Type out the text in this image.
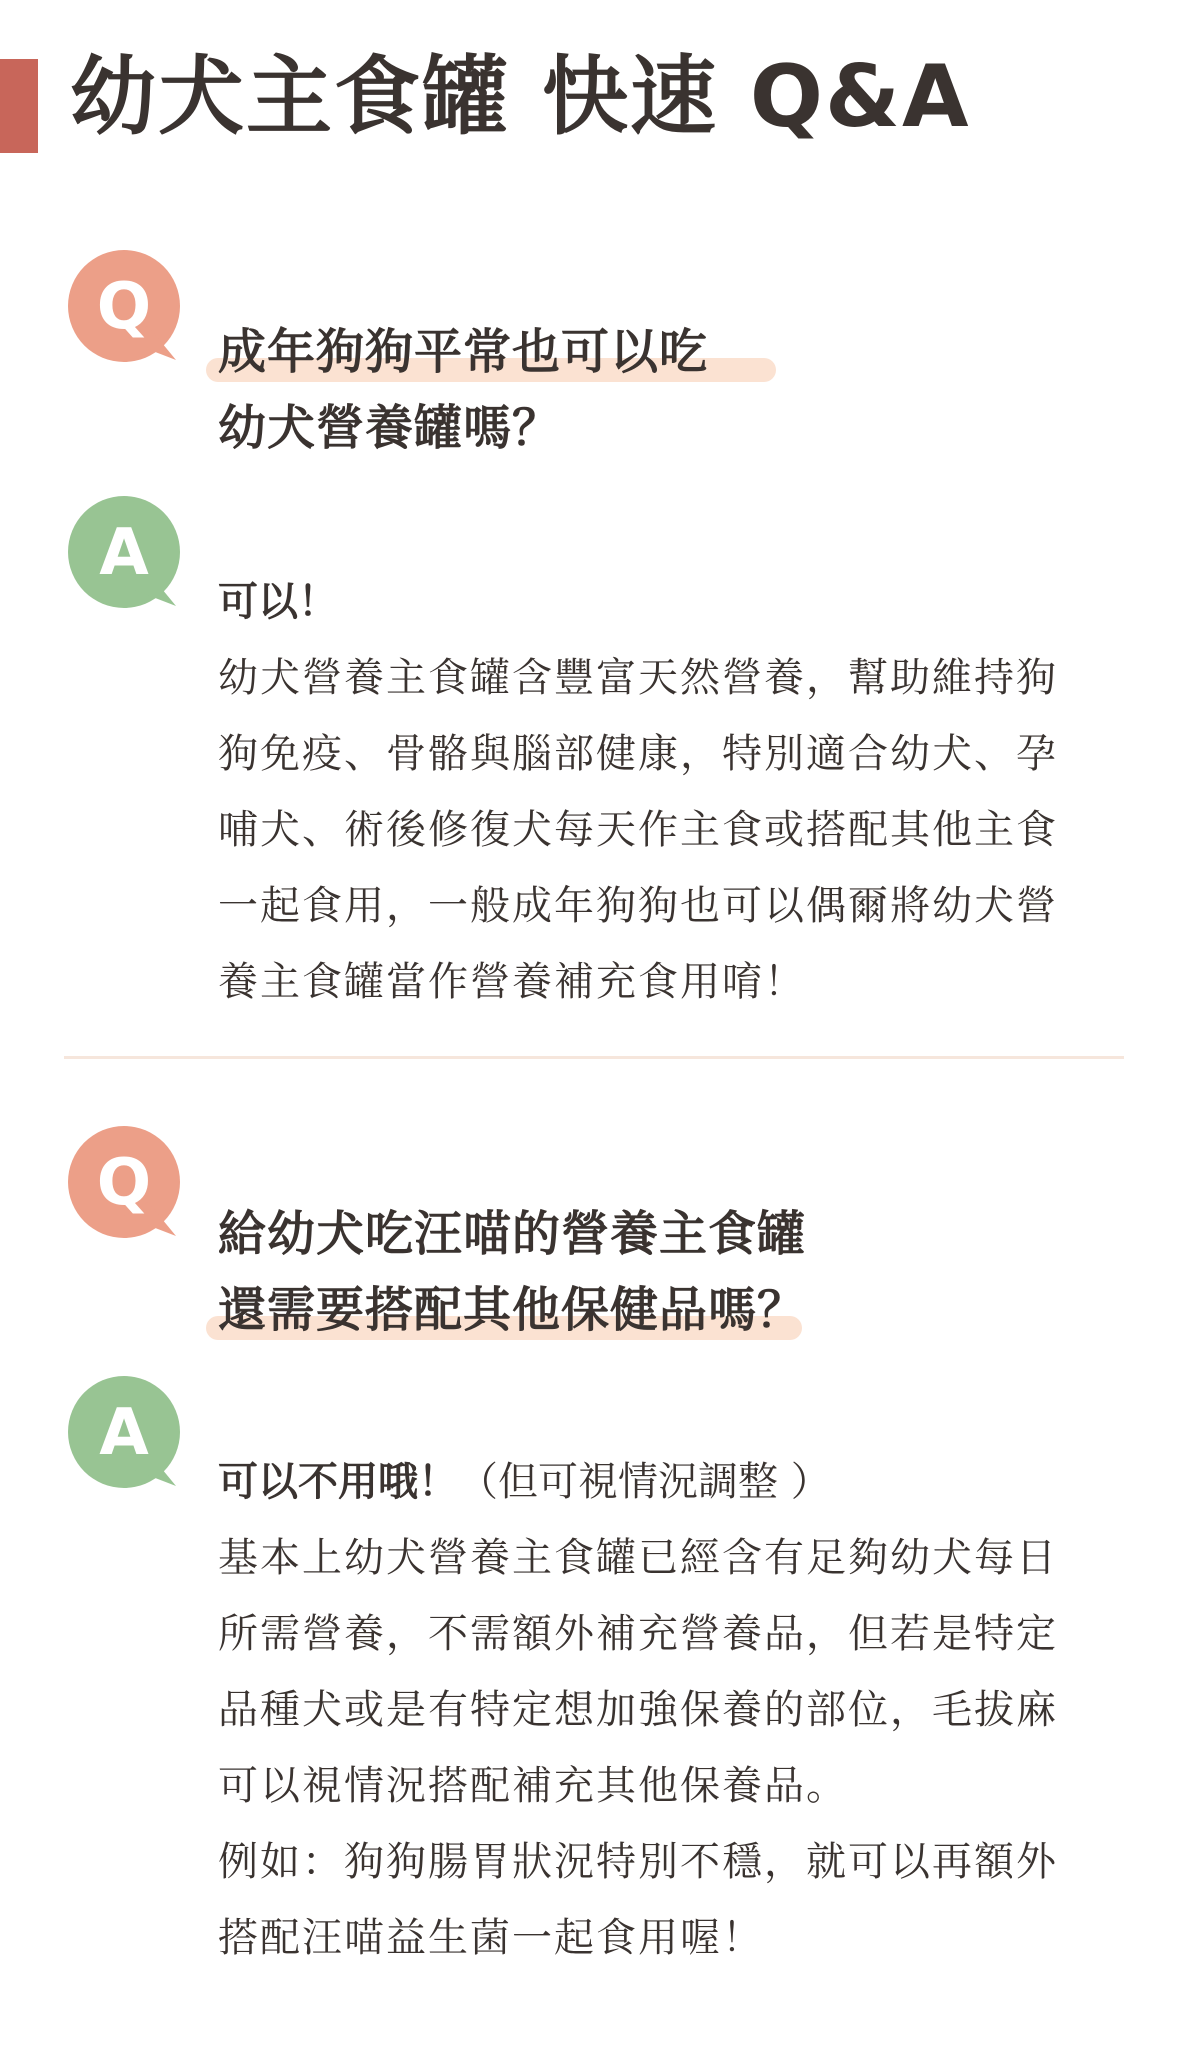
幼犬主食罐 快速 Q&A
Q
成年狗狗平常也可以吃
幼犬營養罐嗎？
A
可以！
幼犬營養主食罐含豐富天然營養，幫助維持狗
狗免疫、骨骼與腦部健康，特別適合幼犬、孕
哺犬、術後修復犬每天作主食或搭配其他主食
一起食用，一般成年狗狗也可以偶爾將幼犬營
養主食罐當作營養補充食用唷！
Q
給幼犬吃汪喵的營養主食罐
還需要搭配其他保健品嗎？
A
可以不用哦！（但可視情況調整 ）
基本上幼犬營養主食罐已經含有足夠幼犬每日
所需營養，不需額外補充營養品，但若是特定
品種犬或是有特定想加強保養的部位，毛拔麻
可以視情況搭配補充其他保養品。
例如：狗狗腸胃狀況特別不穩，就可以再額外
搭配汪喵益生菌一起食用喔！
